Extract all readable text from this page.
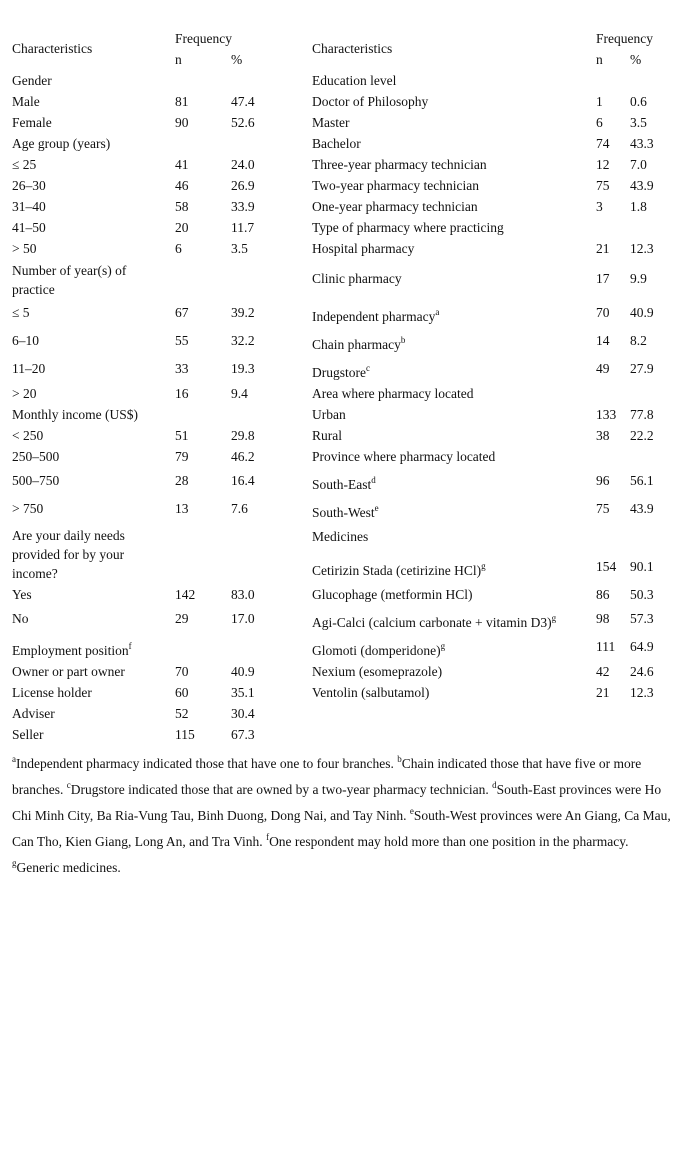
Characteristics
Frequency
n	%
Characteristics
Frequency
n %
Gender
Male	81	47.4
Female	90	52.6
Age group (years)
≤ 25	41	24.0
26–30	46	26.9
31–40	58	33.9
41–50	20	11.7
> 50	6	3.5
Number of year(s) of practice
≤ 5	67	39.2
6–10	55	32.2
11–20	33	19.3
> 20	16	9.4
Monthly income (US$)
< 250	51	29.8
250–500	79	46.2
500–750	28	16.4
> 750	13	7.6
Are your daily needs provided for by your income?
Yes	142	83.0
No	29	17.0
Employment position$^f$
Owner or part owner	70	40.9
License holder	60	35.1
Adviser	52	30.4
Seller	115	67.3
Education level
Doctor of Philosophy	1 0.6
Master	6 3.5
Bachelor	74 43.3
Three-year pharmacy technician	12 7.0
Two-year pharmacy technician	75 43.9
One-year pharmacy technician	3 1.8
Type of pharmacy where practicing
Hospital pharmacy	21 12.3
Clinic pharmacy	17 9.9
Independent pharmacy$^a$	70 40.9
Chain pharmacy$^b$	14 8.2
Drugstore$^c$	49 27.9
Area where pharmacy located
Urban	133 77.8
Rural	38 22.2
Province where pharmacy located
South-East$^d$	96 56.1
South-West$^e$	75 43.9
Medicines
Cetirizin Stada (cetirizine HCl)$^g$	154 90.1
Glucophage (metformin HCl)	86 50.3
Agi-Calci (calcium carbonate + vitamin D3)$^g$	98 57.3
Glomoti (domperidone)$^g$	111 64.9
Nexium (esomeprazole)	42 24.6
Ventolin (salbutamol)	21 12.3
$^a$Independent pharmacy indicated those that have one to four branches. $^b$Chain indicated those that have five or more branches. $^c$Drugstore indicated those that are owned by a two-year pharmacy technician. $^d$South-East provinces were Ho Chi Minh City, Ba Ria-Vung Tau, Binh Duong, Dong Nai, and Tay Ninh. $^e$South-West provinces were An Giang, Ca Mau, Can Tho, Kien Giang, Long An, and Tra Vinh. $^f$One respondent may hold more than one position in the pharmacy. $^g$Generic medicines.
